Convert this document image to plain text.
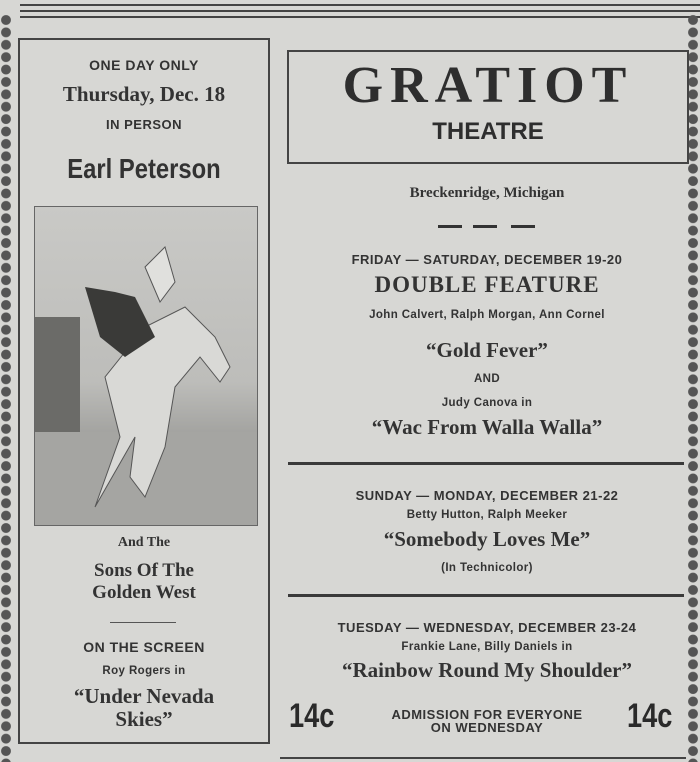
ONE DAY ONLY
Thursday, Dec. 18
IN PERSON
Earl Peterson
And The
Sons Of The
Golden West
ON THE SCREEN
Roy Rogers in
“Under Nevada
Skies”
GRATIOT
THEATRE
Breckenridge, Michigan
FRIDAY — SATURDAY, DECEMBER 19-20
DOUBLE FEATURE
John Calvert, Ralph Morgan, Ann Cornel
“Gold Fever”
AND
Judy Canova in
“Wac From Walla Walla”
SUNDAY — MONDAY, DECEMBER 21-22
Betty Hutton, Ralph Meeker
“Somebody Loves Me”
(In Technicolor)
TUESDAY — WEDNESDAY, DECEMBER 23-24
Frankie Lane, Billy Daniels in
“Rainbow Round My Shoulder”
14c	14c
ADMISSION FOR EVERYONE
ON WEDNESDAY
